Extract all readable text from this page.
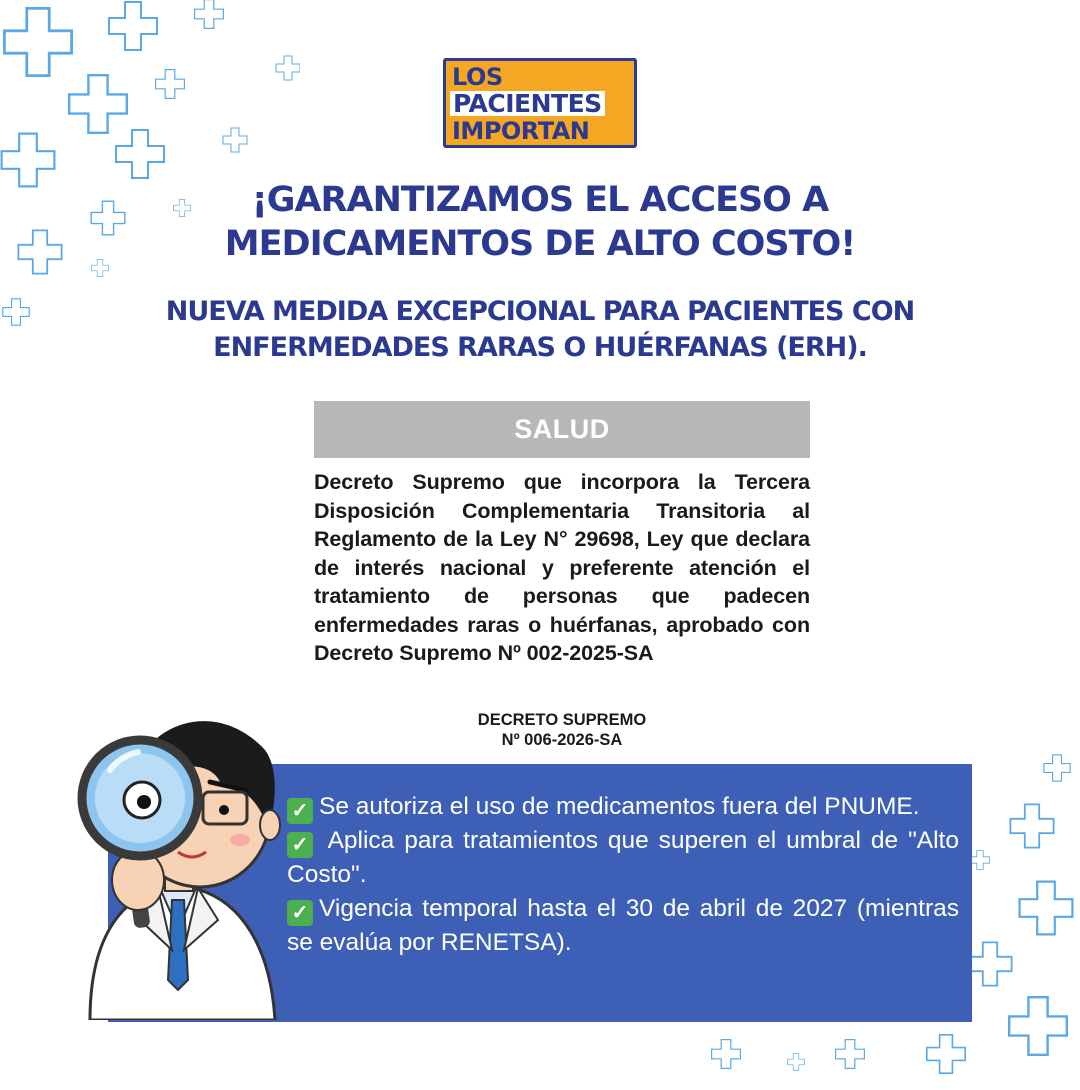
LOS
PACIENTES
IMPORTAN
¡GARANTIZAMOS EL ACCESO A
MEDICAMENTOS DE ALTO COSTO!
NUEVA MEDIDA EXCEPCIONAL PARA PACIENTES CON
ENFERMEDADES RARAS O HUÉRFANAS (ERH).
SALUD
Decreto Supremo que incorpora la Tercera Disposición Complementaria Transitoria al Reglamento de la Ley N° 29698, Ley que declara de interés nacional y preferente atención el tratamiento de personas que padecen enfermedades raras o huérfanas, aprobado con Decreto Supremo Nº 002-2025-SA
DECRETO SUPREMO
Nº 006-2026-SA

✓ Se autoriza el uso de medicamentos fuera del PNUME.

✓ Aplica para tratamientos que superen el umbral de "Alto Costo".

✓ Vigencia temporal hasta el 30 de abril de 2027 (mientras se evalúa por RENETSA).
